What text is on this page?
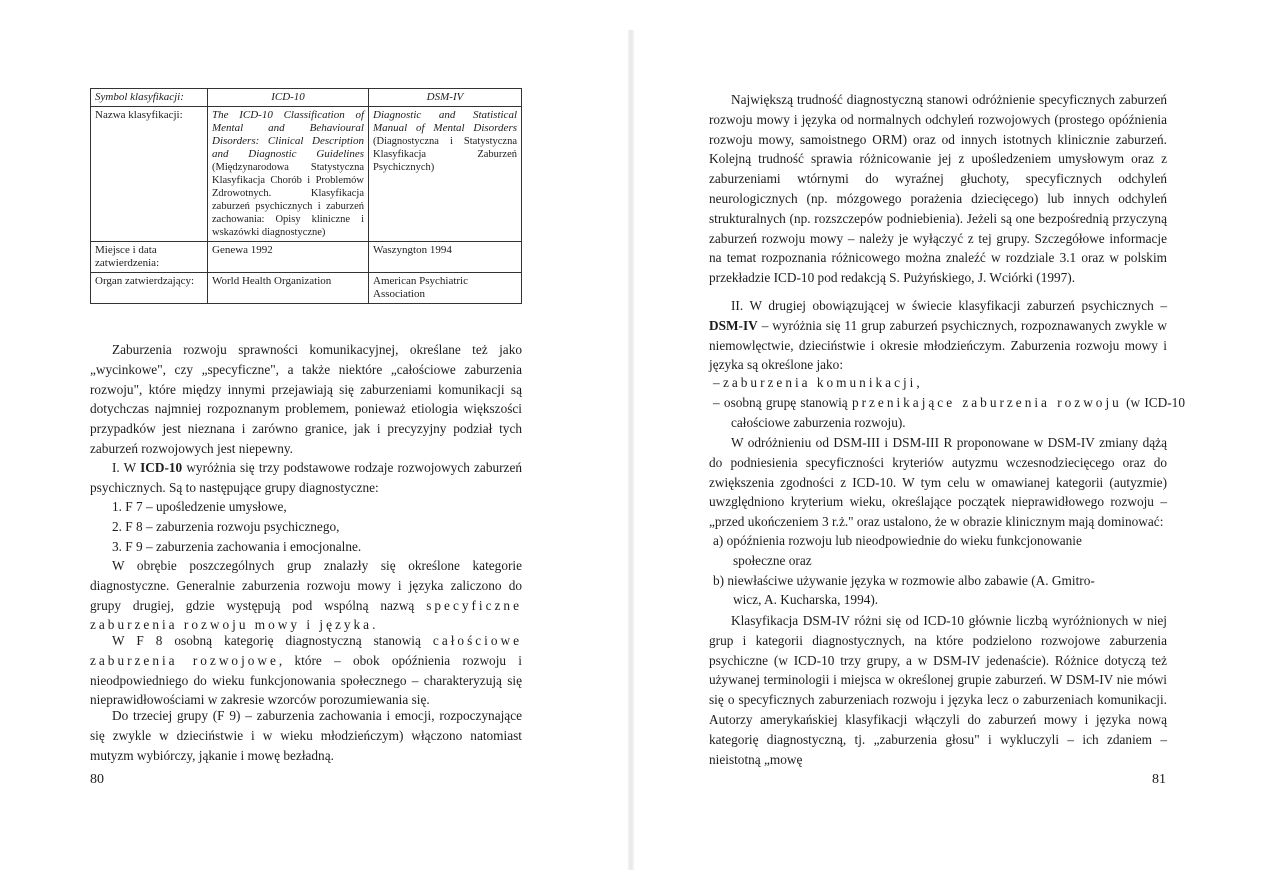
Symbol klasyfikacji:	ICD-10	DSM-IV
Nazwa klasyfikacji:	The ICD-10 Classification of Mental and Behavioural Disorders: Clinical Description and Diagnostic Guidelines (Międzynarodowa Statystyczna Klasyfikacja Chorób i Problemów Zdrowotnych. Klasyfikacja zaburzeń psychicznych i zaburzeń zachowania: Opisy kliniczne i wskazówki diagnostyczne)	Diagnostic and Statistical Manual of Mental Disorders (Diagnostyczna i Statystyczna Klasyfikacja Zaburzeń Psychicznych)
Miejsce i data zatwierdzenia:	Genewa 1992	Waszyngton 1994
Organ zatwierdzający:	World Health Organization	American Psychiatric Association

Zaburzenia rozwoju sprawności komunikacyjnej, określane też jako „wycinkowe", czy „specyficzne", a także niektóre „całościowe zaburzenia rozwoju", które między innymi przejawiają się zaburzeniami komunikacji są dotychczas najmniej rozpoznanym problemem, ponieważ etiologia większości przypadków jest nieznana i zarówno granice, jak i precyzyjny podział tych zaburzeń rozwojowych jest niepewny.

I. W ICD-10 wyróżnia się trzy podstawowe rodzaje rozwojowych zaburzeń psychicznych. Są to następujące grupy diagnostyczne:

1. F 7 – upośledzenie umysłowe,
2. F 8 – zaburzenia rozwoju psychicznego,
3. F 9 – zaburzenia zachowania i emocjonalne.

W obrębie poszczególnych grup znalazły się określone kategorie diagnostyczne. Generalnie zaburzenia rozwoju mowy i języka zaliczono do grupy drugiej, gdzie występują pod wspólną nazwą specyficzne zaburzenia rozwoju mowy i języka.

W F 8 osobną kategorię diagnostyczną stanowią całościowe zaburzenia rozwojowe, które – obok opóźnienia rozwoju i nieodpowiedniego do wieku funkcjonowania społecznego – charakteryzują się nieprawidłowościami w zakresie wzorców porozumiewania się.

Do trzeciej grupy (F 9) – zaburzenia zachowania i emocji, rozpoczynające się zwykle w dzieciństwie i w wieku młodzieńczym) włączono natomiast mutyzm wybiórczy, jąkanie i mowę bezładną.

80

Największą trudność diagnostyczną stanowi odróżnienie specyficznych zaburzeń rozwoju mowy i języka od normalnych odchyleń rozwojowych (prostego opóźnienia rozwoju mowy, samoistnego ORM) oraz od innych istotnych klinicznie zaburzeń. Kolejną trudność sprawia różnicowanie jej z upośledzeniem umysłowym oraz z zaburzeniami wtórnymi do wyraźnej głuchoty, specyficznych odchyleń neurologicznych (np. mózgowego porażenia dziecięcego) lub innych odchyleń strukturalnych (np. rozszczepów podniebienia). Jeżeli są one bezpośrednią przyczyną zaburzeń rozwoju mowy – należy je wyłączyć z tej grupy. Szczegółowe informacje na temat rozpoznania różnicowego można znaleźć w rozdziale 3.1 oraz w polskim przekładzie ICD-10 pod redakcją S. Pużyńskiego, J. Wciórki (1997).

II. W drugiej obowiązującej w świecie klasyfikacji zaburzeń psychicznych – DSM-IV – wyróżnia się 11 grup zaburzeń psychicznych, rozpoznawanych zwykle w niemowlęctwie, dzieciństwie i okresie młodzieńczym. Zaburzenia rozwoju mowy i języka są określone jako:

– zaburzenia komunikacji,

– osobną grupę stanowią przenikające zaburzenia rozwoju (w ICD-10 całościowe zaburzenia rozwoju).

W odróżnieniu od DSM-III i DSM-III R proponowane w DSM-IV zmiany dążą do podniesienia specyficzności kryteriów autyzmu wczesnodziecięcego oraz do zwiększenia zgodności z ICD-10. W tym celu w omawianej kategorii (autyzmie) uwzględniono kryterium wieku, określające początek nieprawidłowego rozwoju – „przed ukończeniem 3 r.ż." oraz ustalono, że w obrazie klinicznym mają dominować:

a) opóźnienia rozwoju lub nieodpowiednie do wieku funkcjonowanie
społeczne oraz
b) niewłaściwe używanie języka w rozmowie albo zabawie (A. Gmitro-
wicz, A. Kucharska, 1994).

Klasyfikacja DSM-IV różni się od ICD-10 głównie liczbą wyróżnionych w niej grup i kategorii diagnostycznych, na które podzielono rozwojowe zaburzenia psychiczne (w ICD-10 trzy grupy, a w DSM-IV jedenaście). Różnice dotyczą też używanej terminologii i miejsca w określonej grupie zaburzeń. W DSM-IV nie mówi się o specyficznych zaburzeniach rozwoju i języka lecz o zaburzeniach komunikacji. Autorzy amerykańskiej klasyfikacji włączyli do zaburzeń mowy i języka nową kategorię diagnostyczną, tj. „zaburzenia głosu" i wykluczyli – ich zdaniem – nieistotną „mowę

81
